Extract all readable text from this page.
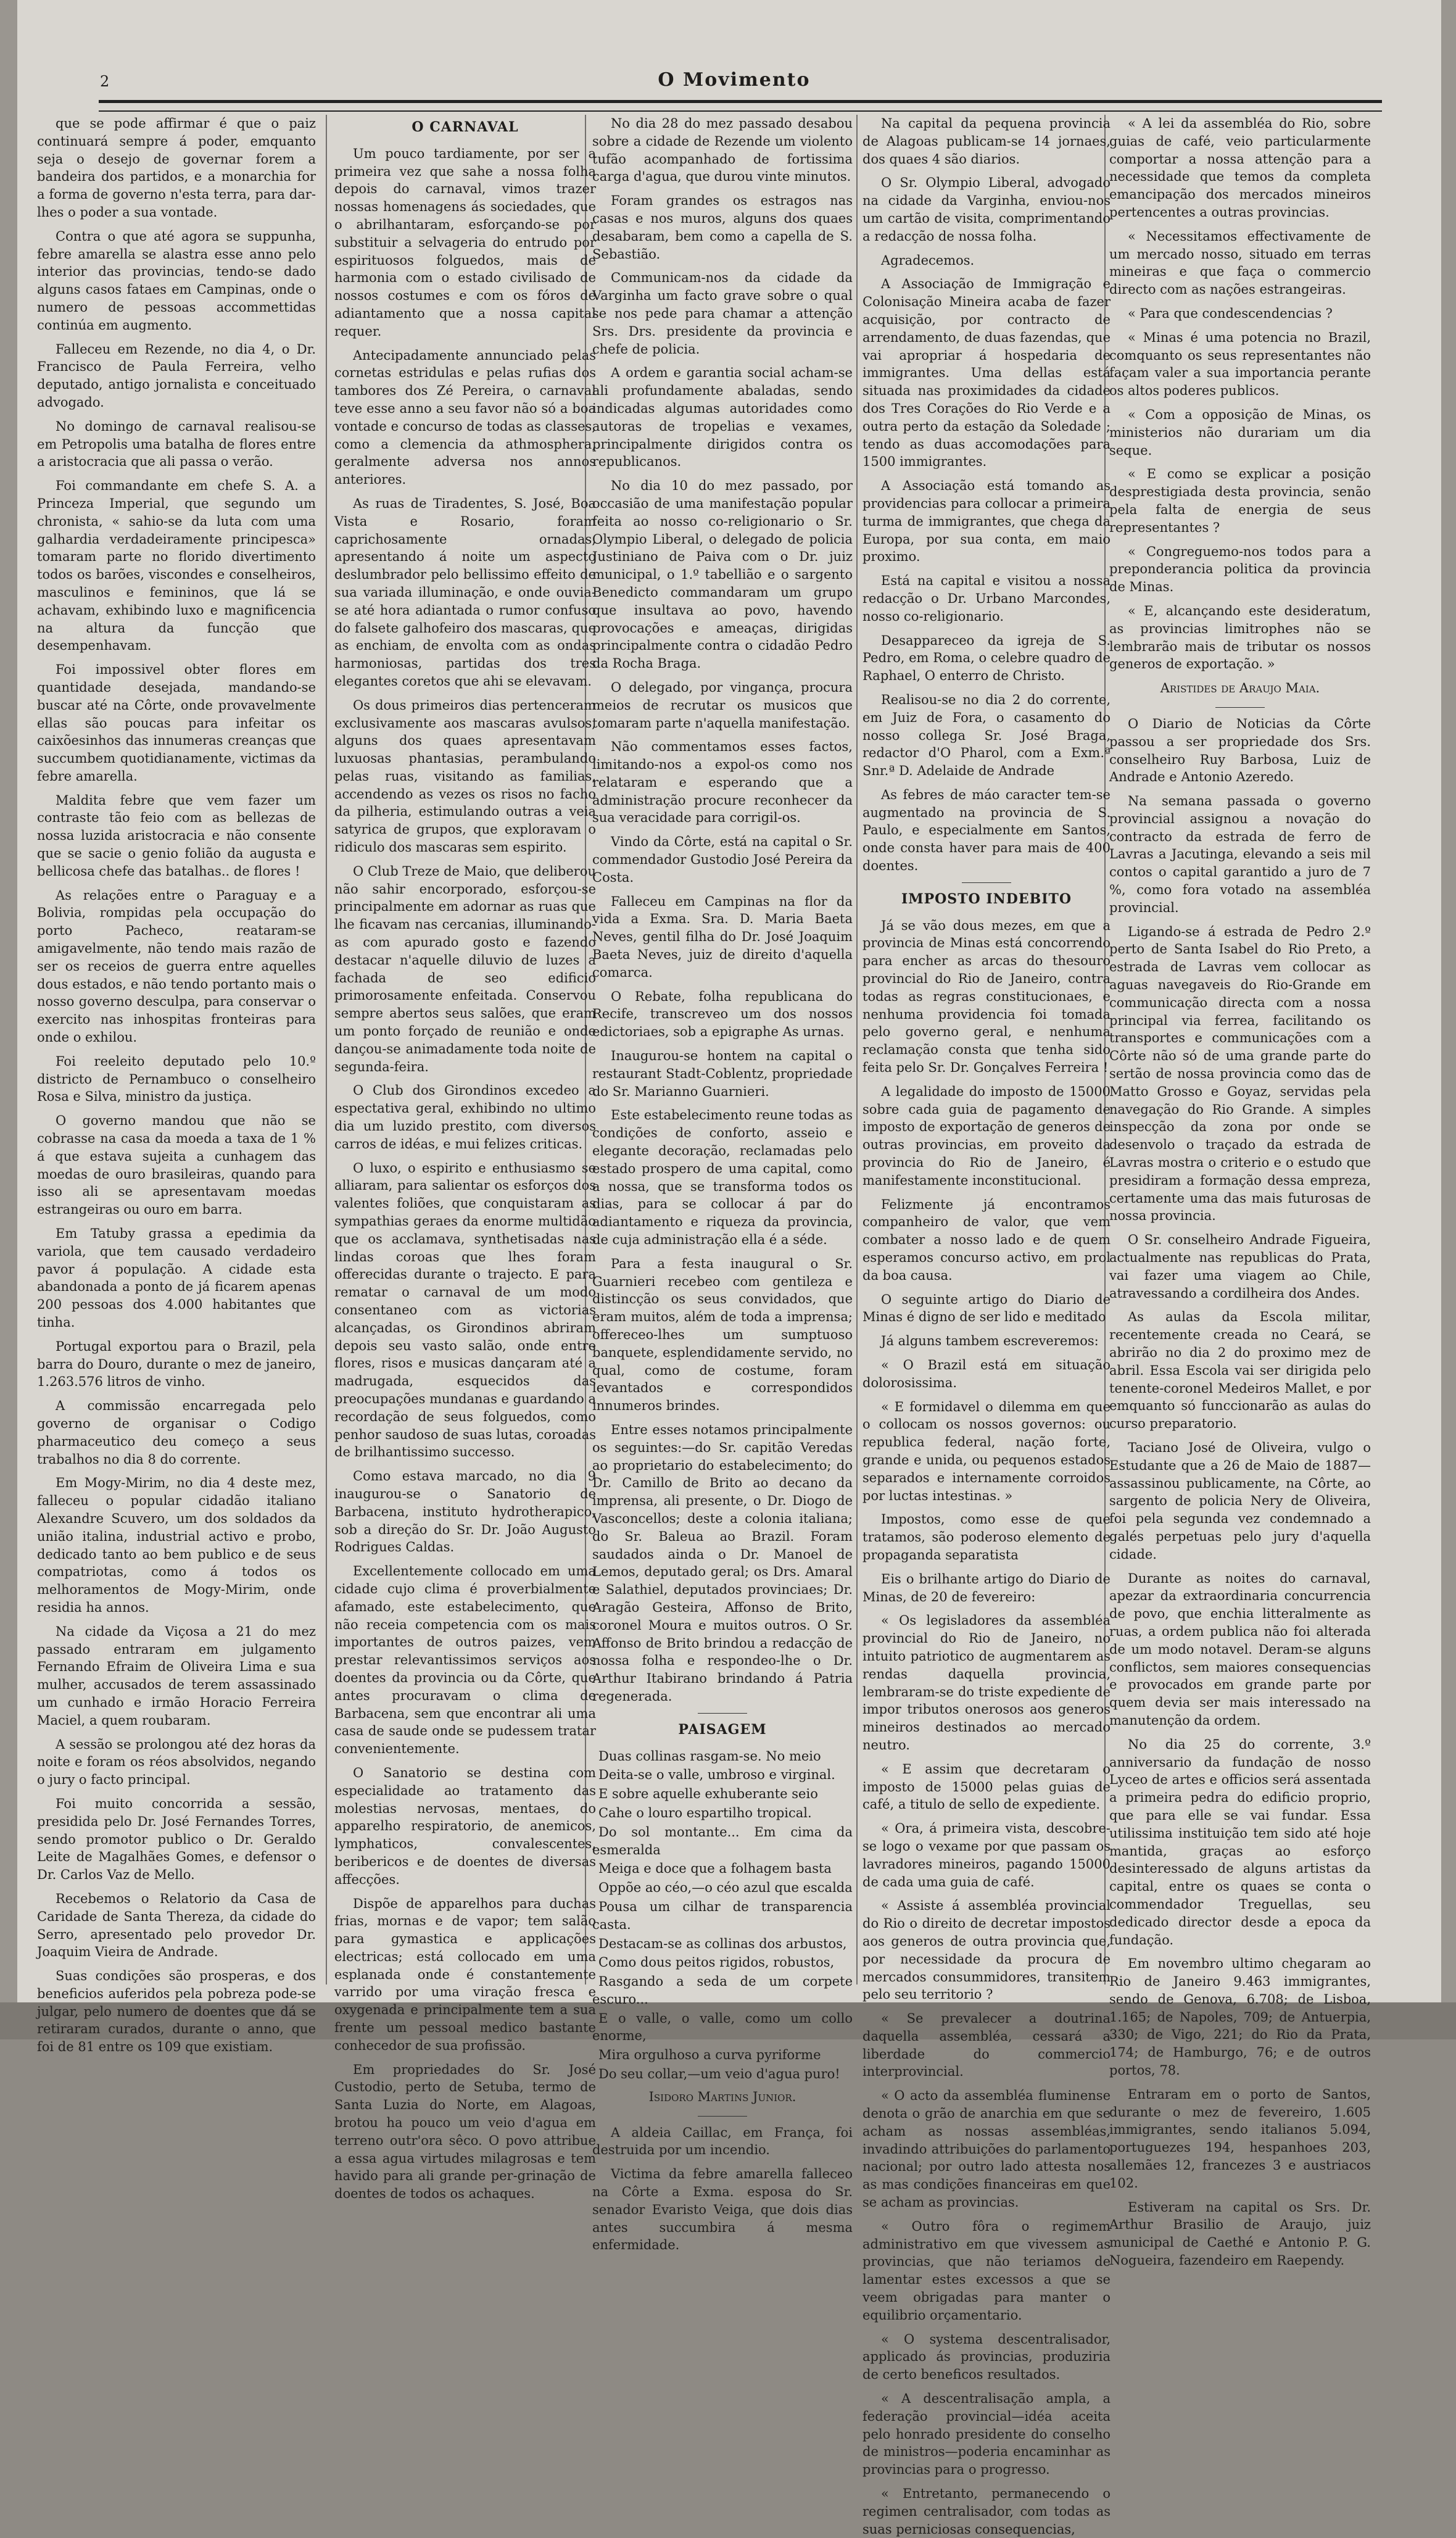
2	O Movimento

que se pode affirmar é que o paiz continuará sempre á poder, emquanto seja o desejo de governar forem a bandeira dos partidos, e a monarchia for a forma de governo n'esta terra, para dar-lhes o poder a sua vontade.

Contra o que até agora se suppunha, febre amarella se alastra esse anno pelo interior das provincias, tendo-se dado alguns casos fataes em Campinas, onde o numero de pessoas accommettidas continúa em augmento.

Falleceu em Rezende, no dia 4, o Dr. Francisco de Paula Ferreira, velho deputado, antigo jornalista e conceituado advogado.

No domingo de carnaval realisou-se em Petropolis uma batalha de flores entre a aristocracia que ali passa o verão.

Foi commandante em chefe S. A. a Princeza Imperial, que segundo um chronista, « sahio-se da luta com uma galhardia verdadeiramente principesca» tomaram parte no florido divertimento todos os barões, viscondes e conselheiros, masculinos e femininos, que lá se achavam, exhibindo luxo e magnificencia na altura da funcção que desempenhavam.

Foi impossivel obter flores em quantidade desejada, mandando-se buscar até na Côrte, onde provavelmente ellas são poucas para infeitar os caixõesinhos das innumeras creanças que succumbem quotidianamente, victimas da febre amarella.

Maldita febre que vem fazer um contraste tão feio com as bellezas de nossa luzida aristocracia e não consente que se sacie o genio folião da augusta e bellicosa chefe das batalhas.. de flores !

As relações entre o Paraguay e a Bolivia, rompidas pela occupação do porto Pacheco, reataram-se amigavelmente, não tendo mais razão de ser os receios de guerra entre aquelles dous estados, e não tendo portanto mais o nosso governo desculpa, para conservar o exercito nas inhospitas fronteiras para onde o exhilou.

Foi reeleito deputado pelo 10.º districto de Pernambuco o conselheiro Rosa e Silva, ministro da justiça.

O governo mandou que não se cobrasse na casa da moeda a taxa de 1 % á que estava sujeita a cunhagem das moedas de ouro brasileiras, quando para isso ali se apresentavam moedas estrangeiras ou ouro em barra.

Em Tatuby grassa a epedimia da variola, que tem causado verdadeiro pavor á população. A cidade esta abandonada a ponto de já ficarem apenas 200 pessoas dos 4.000 habitantes que tinha.

Portugal exportou para o Brazil, pela barra do Douro, durante o mez de janeiro, 1.263.576 litros de vinho.

A commissão encarregada pelo governo de organisar o Codigo pharmaceutico deu começo a seus trabalhos no dia 8 do corrente.

Em Mogy-Mirim, no dia 4 deste mez, falleceu o popular cidadão italiano Alexandre Scuvero, um dos soldados da união italina, industrial activo e probo, dedicado tanto ao bem publico e de seus compatriotas, como á todos os melhoramentos de Mogy-Mirim, onde residia ha annos.

Na cidade da Viçosa a 21 do mez passado entraram em julgamento Fernando Efraim de Oliveira Lima e sua mulher, accusados de terem assassinado um cunhado e irmão Horacio Ferreira Maciel, a quem roubaram.

A sessão se prolongou até dez horas da noite e foram os réos absolvidos, negando o jury o facto principal.

Foi muito concorrida a sessão, presidida pelo Dr. José Fernandes Torres, sendo promotor publico o Dr. Geraldo Leite de Magalhães Gomes, e defensor o Dr. Carlos Vaz de Mello.

Recebemos o Relatorio da Casa de Caridade de Santa Thereza, da cidade do Serro, apresentado pelo provedor Dr. Joaquim Vieira de Andrade.

Suas condições são prosperas, e dos beneficios auferidos pela pobreza pode-se julgar, pelo numero de doentes que dá se retiraram curados, durante o anno, que foi de 81 entre os 109 que existiam.

O CARNAVAL

Um pouco tardiamente, por ser a primeira vez que sahe a nossa folha depois do carnaval, vimos trazer nossas homenagens ás sociedades, que o abrilhantaram, esforçando-se por substituir a selvageria do entrudo por espirituosos folguedos, mais de harmonia com o estado civilisado de nossos costumes e com os fóros de adiantamento que a nossa capital requer.

Antecipadamente annunciado pelas cornetas estridulas e pelas rufias dos tambores dos Zé Pereira, o carnaval teve esse anno a seu favor não só a boa vontade e concurso de todas as classes, como a clemencia da athmosphera, geralmente adversa nos annos anteriores.

As ruas de Tiradentes, S. José, Boa Vista e Rosario, foram caprichosamente ornadas, apresentando á noite um aspecto deslumbrador pelo bellissimo effeito de sua variada illuminação, e onde ouvia-se até hora adiantada o rumor confuso do falsete galhofeiro dos mascaras, que as enchiam, de envolta com as ondas harmoniosas, partidas dos tres elegantes coretos que ahi se elevavam.

Os dous primeiros dias pertenceram exclusivamente aos mascaras avulsos, alguns dos quaes apresentavam luxuosas phantasias, perambulando pelas ruas, visitando as familias, accendendo as vezes os risos no facho da pilheria, estimulando outras a veia satyrica de grupos, que exploravam o ridiculo dos mascaras sem espirito.

O Club Treze de Maio, que deliberou não sahir encorporado, esforçou-se principalmente em adornar as ruas que lhe ficavam nas cercanias, illuminando-as com apurado gosto e fazendo destacar n'aquelle diluvio de luzes a fachada de seo edificio primorosamente enfeitada. Conservou sempre abertos seus salões, que eram um ponto forçado de reunião e onde dançou-se animadamente toda noite de segunda-feira.

O Club dos Girondinos excedeo a espectativa geral, exhibindo no ultimo dia um luzido prestito, com diversos carros de idéas, e mui felizes criticas.

O luxo, o espirito e enthusiasmo se alliaram, para salientar os esforços dos valentes foliões, que conquistaram as sympathias geraes da enorme multidão que os acclamava, synthetisadas nas lindas coroas que lhes foram offerecidas durante o trajecto. E para rematar o carnaval de um modo consentaneo com as victorias alcançadas, os Girondinos abriram depois seu vasto salão, onde entre flores, risos e musicas dançaram até a madrugada, esquecidos das preocupações mundanas e guardando a recordação de seus folguedos, como penhor saudoso de suas lutas, coroadas de brilhantissimo successo.

Como estava marcado, no dia 9 inaugurou-se o Sanatorio de Barbacena, instituto hydrotherapico, sob a direção do Sr. Dr. João Augusto Rodrigues Caldas.

Excellentemente collocado em uma cidade cujo clima é proverbialmente afamado, este estabelecimento, que não receia competencia com os mais importantes de outros paizes, vem prestar relevantissimos serviços aos doentes da provincia ou da Côrte, que antes procuravam o clima de Barbacena, sem que encontrar ali uma casa de saude onde se pudessem tratar convenientemente.

O Sanatorio se destina com especialidade ao tratamento das molestias nervosas, mentaes, do apparelho respiratorio, de anemicos, lymphaticos, convalescentes, beribericos e de doentes de diversas affecções.

Dispõe de apparelhos para duchas frias, mornas e de vapor; tem salão para gymastica e applicações electricas; está collocado em uma esplanada onde é constantemente varrido por uma viração fresca e oxygenada e principalmente tem a sua frente um pessoal medico bastante conhecedor de sua profissão.

Em propriedades do Sr. José Custodio, perto de Setuba, termo de Santa Luzia do Norte, em Alagoas, brotou ha pouco um veio d'agua em terreno outr'ora sêco. O povo attribue a essa agua virtudes milagrosas e tem havido para ali grande per-grinação de doentes de todos os achaques.

No dia 28 do mez passado desabou sobre a cidade de Rezende um violento tufão acompanhado de fortissima carga d'agua, que durou vinte minutos.

Foram grandes os estragos nas casas e nos muros, alguns dos quaes desabaram, bem como a capella de S. Sebastião.

Communicam-nos da cidade da Varginha um facto grave sobre o qual se nos pede para chamar a attenção Srs. Drs. presidente da provincia e chefe de policia.

A ordem e garantia social acham-se ali profundamente abaladas, sendo indicadas algumas autoridades como autoras de tropelias e vexames, principalmente dirigidos contra os republicanos.

No dia 10 do mez passado, por occasião de uma manifestação popular feita ao nosso co-religionario o Sr. Olympio Liberal, o delegado de policia Justiniano de Paiva com o Dr. juiz municipal, o 1.º tabellião e o sargento Benedicto commandaram um grupo que insultava ao povo, havendo provocações e ameaças, dirigidas principalmente contra o cidadão Pedro da Rocha Braga.

O delegado, por vingança, procura meios de recrutar os musicos que tomaram parte n'aquella manifestação.

Não commentamos esses factos, limitando-nos a expol-os como nos relataram e esperando que a administração procure reconhecer da sua veracidade para corrigil-os.

Vindo da Côrte, está na capital o Sr. commendador Gustodio José Pereira da Costa.

Falleceu em Campinas na flor da vida a Exma. Sra. D. Maria Baeta Neves, gentil filha do Dr. José Joaquim Baeta Neves, juiz de direito d'aquella comarca.

O Rebate, folha republicana do Recife, transcreveo um dos nossos edictoriaes, sob a epigraphe As urnas.

Inaugurou-se hontem na capital o restaurant Stadt-Coblentz, propriedade do Sr. Marianno Guarnieri.

Este estabelecimento reune todas as condições de conforto, asseio e elegante decoração, reclamadas pelo estado prospero de uma capital, como a nossa, que se transforma todos os dias, para se collocar á par do adiantamento e riqueza da provincia, de cuja administração ella é a séde.

Para a festa inaugural o Sr. Guarnieri recebeo com gentileza e distincção os seus convidados, que eram muitos, além de toda a imprensa; offereceo-lhes um sumptuoso banquete, esplendidamente servido, no qual, como de costume, foram levantados e correspondidos innumeros brindes.

Entre esses notamos principalmente os seguintes:—do Sr. capitão Veredas ao proprietario do estabelecimento; do Dr. Camillo de Brito ao decano da imprensa, ali presente, o Dr. Diogo de Vasconcellos; deste a colonia italiana; do Sr. Baleua ao Brazil. Foram saudados ainda o Dr. Manoel de Lemos, deputado geral; os Drs. Amaral e Salathiel, deputados provinciaes; Dr. Aragão Gesteira, Affonso de Brito, coronel Moura e muitos outros. O Sr. Affonso de Brito brindou a redacção de nossa folha e respondeo-lhe o Dr. Arthur Itabirano brindando á Patria regenerada.

PAISAGEM

Duas collinas rasgam-se. No meio

Deita-se o valle, umbroso e virginal.

E sobre aquelle exhuberante seio

Cahe o louro espartilho tropical.

Do sol montante... Em cima da esmeralda

Meiga e doce que a folhagem basta

Oppõe ao céo,—o céo azul que escalda

Pousa um cilhar de transparencia casta.

Destacam-se as collinas dos arbustos,

Como dous peitos rigidos, robustos,

Rasgando a seda de um corpete escuro...

E o valle, o valle, como um collo enorme,

Mira orgulhoso a curva pyriforme

Do seu collar,—um veio d'agua puro!

Isidoro Martins Junior.

A aldeia Caillac, em França, foi destruida por um incendio.

Victima da febre amarella falleceo na Côrte a Exma. esposa do Sr. senador Evaristo Veiga, que dois dias antes succumbira á mesma enfermidade.

Na capital da pequena provincia de Alagoas publicam-se 14 jornaes, dos quaes 4 são diarios.

O Sr. Olympio Liberal, advogado na cidade da Varginha, enviou-nos um cartão de visita, comprimentando a redacção de nossa folha.

Agradecemos.

A Associação de Immigração e Colonisação Mineira acaba de fazer acquisição, por contracto de arrendamento, de duas fazendas, que vai apropriar á hospedaria de immigrantes. Uma dellas está situada nas proximidades da cidade dos Tres Corações do Rio Verde e a outra perto da estação da Soledade ; tendo as duas accomodações para 1500 immigrantes.

A Associação está tomando as providencias para collocar a primeira turma de immigrantes, que chega da Europa, por sua conta, em maio proximo.

Está na capital e visitou a nossa redacção o Dr. Urbano Marcondes, nosso co-religionario.

Desappareceo da igreja de S. Pedro, em Roma, o celebre quadro de Raphael, O enterro de Christo.

Realisou-se no dia 2 do corrente, em Juiz de Fora, o casamento do nosso collega Sr. José Braga, redactor d'O Pharol, com a Exm.ª Snr.ª D. Adelaide de Andrade

As febres de máo caracter tem-se augmentado na provincia de S. Paulo, e especialmente em Santos, onde consta haver para mais de 400 doentes.

IMPOSTO INDEBITO

Já se vão dous mezes, em que a provincia de Minas está concorrendo para encher as arcas do thesouro provincial do Rio de Janeiro, contra todas as regras constitucionaes, e nenhuma providencia foi tomada pelo governo geral, e nenhuma reclamação consta que tenha sido feita pelo Sr. Dr. Gonçalves Ferreira !

A legalidade do imposto de 15000 sobre cada guia de pagamento de imposto de exportação de generos de outras provincias, em proveito da provincia do Rio de Janeiro, é manifestamente inconstitucional.

Felizmente já encontramos companheiro de valor, que vem combater a nosso lado e de quem esperamos concurso activo, em prol da boa causa.

O seguinte artigo do Diario de Minas é digno de ser lido e meditado

Já alguns tambem escreveremos:

« O Brazil está em situação dolorosissima.

« E formidavel o dilemma em que o collocam os nossos governos: ou republica federal, nação forte, grande e unida, ou pequenos estados separados e internamente corroidos por luctas intestinas. »

Impostos, como esse de que tratamos, são poderoso elemento de propaganda separatista

Eis o brilhante artigo do Diario de Minas, de 20 de fevereiro:

« Os legisladores da assembléa provincial do Rio de Janeiro, no intuito patriotico de augmentarem as rendas daquella provincia, lembraram-se do triste expediente de impor tributos onerosos aos generos mineiros destinados ao mercado neutro.

« E assim que decretaram o imposto de 15000 pelas guias de café, a titulo de sello de expediente.

« Ora, á primeira vista, descobre-se logo o vexame por que passam os lavradores mineiros, pagando 15000 de cada uma guia de café.

« Assiste á assembléa provincial do Rio o direito de decretar impostos aos generos de outra provincia que, por necessidade da procura de mercados consummidores, transitem pelo seu territorio ?

« Se prevalecer a doutrina daquella assembléa, cessará a liberdade do commercio interprovincial.

« O acto da assembléa fluminense denota o grão de anarchia em que se acham as nossas assembléas, invadindo attribuições do parlamento nacional; por outro lado attesta nos as mas condições financeiras em que se acham as provincias.

« Outro fôra o regimem administrativo em que vivessem as provincias, que não teriamos de lamentar estes excessos a que se veem obrigadas para manter o equilibrio orçamentario.

« O systema descentralisador, applicado ás provincias, produziria de certo beneficos resultados.

« A descentralisação ampla, a federação provincial—idéa aceita pelo honrado presidente do conselho de ministros—poderia encaminhar as provincias para o progresso.

« Entretanto, permanecendo o regimen centralisador, com todas as suas perniciosas consequencias,

« A lei da assembléa do Rio, sobre guias de café, veio particularmente comportar a nossa attenção para a necessidade que temos da completa emancipação dos mercados mineiros pertencentes a outras provincias.

« Necessitamos effectivamente de um mercado nosso, situado em terras mineiras e que faça o commercio directo com as nações estrangeiras.

« Para que condescendencias ?

« Minas é uma potencia no Brazil, comquanto os seus representantes não façam valer a sua importancia perante os altos poderes publicos.

« Com a opposição de Minas, os ministerios não durariam um dia seque.

« E como se explicar a posição desprestigiada desta provincia, senão pela falta de energia de seus representantes ?

« Congreguemo-nos todos para a preponderancia politica da provincia de Minas.

« E, alcançando este desideratum, as provincias limitrophes não se lembrarão mais de tributar os nossos generos de exportação. »

Aristides de Araujo Maia.

O Diario de Noticias da Côrte passou a ser propriedade dos Srs. conselheiro Ruy Barbosa, Luiz de Andrade e Antonio Azeredo.

Na semana passada o governo provincial assignou a novação do contracto da estrada de ferro de Lavras a Jacutinga, elevando a seis mil contos o capital garantido a juro de 7 %, como fora votado na assembléa provincial.

Ligando-se á estrada de Pedro 2.º perto de Santa Isabel do Rio Preto, a estrada de Lavras vem collocar as aguas navegaveis do Rio-Grande em communicação directa com a nossa principal via ferrea, facilitando os transportes e communicações com a Côrte não só de uma grande parte do sertão de nossa provincia como das de Matto Grosso e Goyaz, servidas pela navegação do Rio Grande. A simples inspecção da zona por onde se desenvolo o traçado da estrada de Lavras mostra o criterio e o estudo que presidiram a formação dessa empreza, certamente uma das mais futurosas de nossa provincia.

O Sr. conselheiro Andrade Figueira, actualmente nas republicas do Prata, vai fazer uma viagem ao Chile, atravessando a cordilheira dos Andes.

As aulas da Escola militar, recentemente creada no Ceará, se abrirão no dia 2 do proximo mez de abril. Essa Escola vai ser dirigida pelo tenente-coronel Medeiros Mallet, e por emquanto só funccionarão as aulas do curso preparatorio.

Taciano José de Oliveira, vulgo o Estudante que a 26 de Maio de 1887—assassinou publicamente, na Côrte, ao sargento de policia Nery de Oliveira, foi pela segunda vez condemnado a galés perpetuas pelo jury d'aquella cidade.

Durante as noites do carnaval, apezar da extraordinaria concurrencia de povo, que enchia litteralmente as ruas, a ordem publica não foi alterada de um modo notavel. Deram-se alguns conflictos, sem maiores consequencias e provocados em grande parte por quem devia ser mais interessado na manutenção da ordem.

No dia 25 do corrente, 3.º anniversario da fundação de nosso Lyceo de artes e officios será assentada a primeira pedra do edificio proprio, que para elle se vai fundar. Essa utilissima instituição tem sido até hoje mantida, graças ao esforço desinteressado de alguns artistas da capital, entre os quaes se conta o commendador Treguellas, seu dedicado director desde a epoca da fundação.

Em novembro ultimo chegaram ao Rio de Janeiro 9.463 immigrantes, sendo de Genova, 6.708; de Lisboa, 1.165; de Napoles, 709; de Antuerpia, 330; de Vigo, 221; do Rio da Prata, 174; de Hamburgo, 76; e de outros portos, 78.

Entraram em o porto de Santos, durante o mez de fevereiro, 1.605 immigrantes, sendo italianos 5.094, portuguezes 194, hespanhoes 203, allemães 12, francezes 3 e austriacos 102.

Estiveram na capital os Srs. Dr. Arthur Brasilio de Araujo, juiz municipal de Caethé e Antonio P. G. Nogueira, fazendeiro em Raependy.
